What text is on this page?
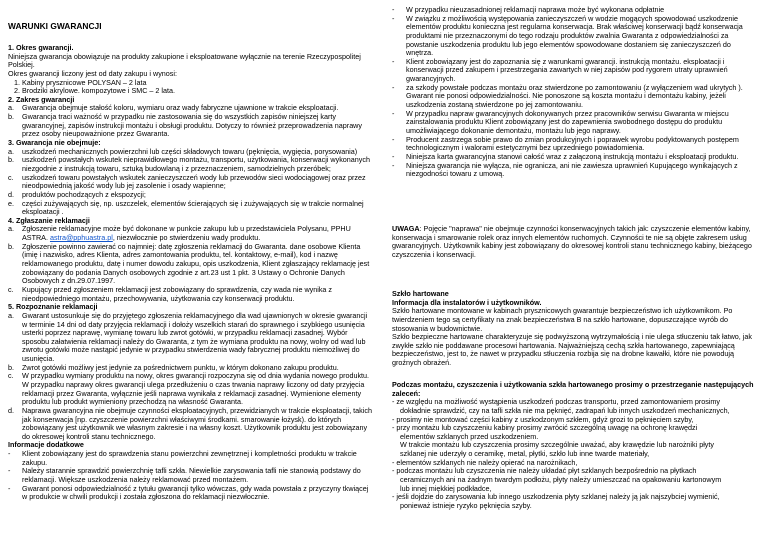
WARUNKI GWARANCJI

1. Okres gwarancji.

Niniejsza gwarancja obowiązuje na produkty zakupione i eksploatowane wyłącznie na terenie Rzeczypospolitej Polskiej.

Okres gwarancji liczony jest od daty zakupu i wynosi:

1. Kabiny prysznicowe POLYSAN – 2 lata

2. Brodziki akrylowe. kompozytowe i SMC – 2 lata.

2. Zakres gwarancji

a. Gwarancja obejmuje stałość koloru, wymiaru oraz wady fabryczne ujawnione w trakcie eksploatacji.
b. Gwarancja traci ważność w przypadku nie zastosowania się do wszystkich zapisów niniejszej karty gwarancyjnej, zapisów instrukcji montażu i obsługi produktu. Dotyczy to również przeprowadzenia naprawy przez osoby nieupoważnione przez Gwaranta.

3. Gwarancja nie obejmuje:

a. uszkodzeń mechanicznych powierzchni lub części składowych towaru (pęknięcia, wygięcia, porysowania)
b. uszkodzeń powstałych wskutek nieprawidłowego montażu, transportu, użytkowania, konserwacji wykonanych niezgodnie z instrukcją towaru, sztuką budowlaną i z przeznaczeniem, samodzielnych przeróbek;
c. uszkodzeń towaru powstałych wskutek zanieczyszczeń wody lub przewodów sieci wodociągowej oraz przez nieodpowiednią jakość wody lub jej zasolenie i osady wapienne;
d. produktów pochodzących z ekspozycji;
e. części zużywających się, np. uszczelek, elementów ścierających się i zużywających się w trakcie normalnej eksploatacji .

4. Zgłaszanie reklamacji

a. Zgłoszenie reklamacyjne może być dokonane w punkcie zakupu lub u przedstawiciela Polysanu, PPHU ASTRA. astra@pphuastra.pl, niezwłocznie po stwierdzeniu wady produktu.
b. Zgłoszenie powinno zawierać co najmniej: datę zgłoszenia reklamacji do Gwaranta. dane osobowe Klienta (imię i nazwisko, adres Klienta, adres zamontowania produktu, tel. kontaktowy, e-mail), kod i nazwę reklamowanego produktu, datę i numer dowodu zakupu, opis uszkodzenia, Klient zgłaszający reklamację jest zobowiązany do podania Danych osobowych zgodnie z art.23 ust 1 pkt. 3 Ustawy o Ochronie Danych Osobowych z dn.29.07.1997.
c. Kupujący przed zgłoszeniem reklamacji jest zobowiązany do sprawdzenia, czy wada nie wynika z nieodpowiedniego montażu, przechowywania, użytkowania czy konserwacji produktu.

5. Rozpoznanie reklamacji

a. Gwarant ustosunkuje się do przyjętego zgłoszenia reklamacyjnego dla wad ujawnionych w okresie gwarancji w terminie 14 dni od daty przyjęcia reklamacji i dołoży wszelkich starań do sprawnego i szybkiego usunięcia usterki poprzez naprawę, wymianę towaru lub zwrot gotówki, w przypadku reklamacji zasadnej. Wybór sposobu załatwienia reklamacji należy do Gwaranta, z tym że wymiana produktu na nowy, wolny od wad lub zwrotu gotówki może nastąpić jedynie w przypadku stwierdzenia wady fabrycznej produktu niemożliwej do usunięcia.
b. Zwrot gotówki możliwy jest jedynie za pośrednictwem punktu, w którym dokonano zakupu produktu.
c. W przypadku wymiany produktu na nowy, okres gwarancji rozpoczyna się od dnia wydania nowego produktu. W przypadku naprawy okres gwarancji ulega przedłużeniu o czas trwania naprawy liczony od daty przyjęcia reklamacji przez Gwaranta, wyłącznie jeśli naprawa wynikała z reklamacji zasadnej. Wymienione elementy produktu lub produkt wymieniony przechodzą na własność Gwaranta.
d. Naprawa gwarancyjna nie obejmuje czynności eksploatacyjnych, przewidzianych w trakcie eksploatacji, takich jak konserwacja [np. czyszczenie powierzchni właściwymi środkami. smarowanie łożysk). do których zobowiązany jest użytkownik we własnym zakresie i na własny koszt. Użytkownik produktu jest zobowiązany do okresowej kontroli stanu technicznego.

Informacje dodatkowe

- Klient zobowiązany jest do sprawdzenia stanu powierzchni zewnętrznej i kompletności produktu w trakcie zakupu.
- Należy starannie sprawdzić powierzchnię tafli szkła. Niewielkie zarysowania tafli nie stanowią podstawy do reklamacji. Większe uszkodzenia należy reklamować przed montażem.
- Gwarant ponosi odpowiedzialność z tytułu gwarancji tylko wówczas, gdy wada powstała z przyczyny tkwiącej w produkcie w chwili produkcji i została zgłoszona do reklamacji niezwłocznie.
- W przypadku nieuzasadnionej reklamacji naprawa może być wykonana odpłatnie
- W związku z możliwością występowania zanieczyszczeń w wodzie mogących spowodować uszkodzenie elementów produktu konieczna jest regularna konserwacja. Brak właściwej konserwacji bądź konserwacja produktami nie przeznaczonymi do tego rodzaju produktów zwalnia Gwaranta z odpowiedzialności za powstanie uszkodzenia produktu lub jego elementów spowodowane dostaniem się zanieczyszczeń do wnętrza.
- Klient zobowiązany jest do zapoznania się z warunkami gwarancji. instrukcją montażu. eksploatacji i konserwacji przed zakupem i przestrzegania zawartych w niej zapisów pod rygorem utraty uprawnień gwarancyjnych.
- za szkody powstałe podczas montażu oraz stwierdzone po zamontowaniu (z wyłączeniem wad ukrytych ). Gwarant nie ponosi odpowiedzialności. Nie ponoszone są koszta montażu i demontażu kabiny, jeżeli uszkodzenia zostaną stwierdzone po jej zamontowaniu.
- W przypadku napraw gwarancyjnych dokonywanych przez pracowników serwisu Gwaranta w miejscu zainstalowania produktu Klient zobowiązany jest do zapewnienia swobodnego dostępu do produktu umożliwiającego dokonanie demontażu, montażu lub jego naprawy.
- Producent zastrzega sobie prawo do zmian produkcyjnych i poprawek wyrobu podyktowanych postępem technologicznym i walorami estetycznymi bez uprzedniego powiadomienia.
- Niniejsza karta gwarancyjna stanowi całość wraz z załączoną instrukcją montażu i eksploatacji produktu.
- Niniejsza gwarancja nie wyłącza, nie ogranicza, ani nie zawiesza uprawnień Kupującego wynikających z niezgodności towaru z umową.

UWAGA: Pojęcie "naprawa" nie obejmuje czynności konserwacyjnych takich jak: czyszczenie elementów kabiny, konserwacja i smarowanie rolek oraz innych elementów ruchomych. Czynności te nie są objęte zakresem usług gwarancyjnych. Użytkownik kabiny jest zobowiązany do okresowej kontroli stanu technicznego kabiny, bieżącego czyszczenia i konserwacji.

Szkło hartowane

Informacja dla instalatorów i użytkowników.

Szkło hartowane montowane w kabinach prysznicowych gwarantuje bezpieczeństwo ich użytkownikom. Po twierdzeniem tego są certyfikaty na znak bezpieczeństwa B na szkło hartowane, dopuszczające wyrób do stosowania w budownictwie.

Szkło bezpieczne hartowane charakteryzuje się podwyższoną wytrzymałością i nie ulega stłuczeniu tak łatwo, jak zwykłe szkło nie poddawane procesowi hartowania. Najważniejszą cechą szkła hartowanego, zapewniającą bezpieczeństwo, jest to, że nawet w przypadku stłuczenia rozbija się na drobne kawałki, które nie powodują groźnych obrażeń.

Podczas montażu, czyszczenia i użytkowania szkła hartowanego prosimy o przestrzeganie następujących zaleceń:

- ze względu na możliwość wystąpienia uszkodzeń podczas transportu, przed zamontowaniem prosimy

dokładnie sprawdzić, czy na tafli szkła nie ma pęknięć, zadrapań lub innych uszkodzeń mechanicznych,

- prosimy nie montować części kabiny z uszkodzonym szkłem, gdyż grozi to pęknięciem szyby,

- przy montażu lub czyszczeniu kabiny prosimy zwrócić szczególną uwagę na ochronę krawędzi

elementów szklanych przed uszkodzeniem.

W trakcie montażu lub czyszczenia prosimy szczególnie uważać, aby krawędzie lub narożniki płyty

szklanej nie uderzyły o ceramikę, metal, płytki, szkło lub inne twarde materiały,

- elementów szklanych nie należy opierać na narożnikach,

- podczas montażu lub czyszczenia nie należy układać płyt szklanych bezpośrednio na płytkach

ceramicznych ani na żadnym twardym podłożu, płyty należy umieszczać na opakowaniu kartonowym

lub innej miękkiej podkładce,

- jeśli dojdzie do zarysowania lub innego uszkodzenia płyty szklanej należy ją jak najszybciej wymienić,

ponieważ istnieje ryzyko pęknięcia szyby.
